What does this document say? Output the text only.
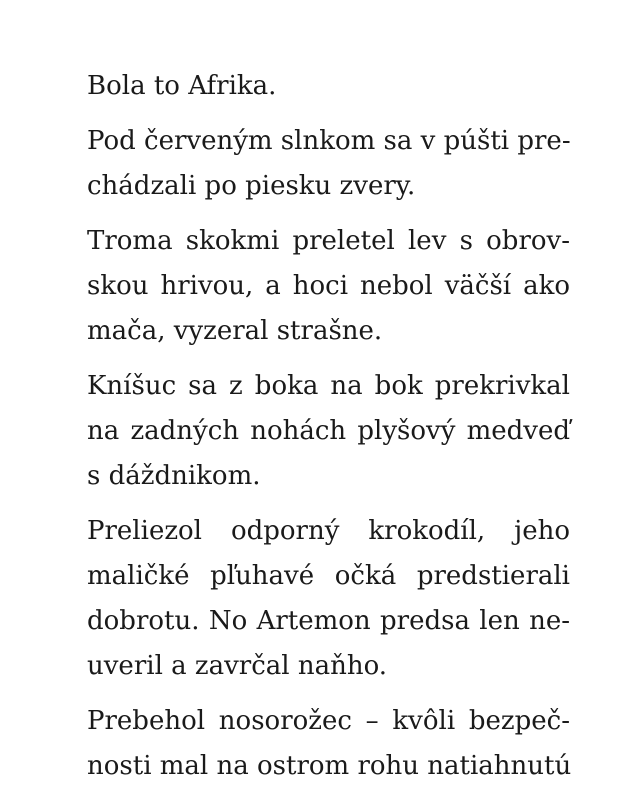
Bola to Afrika.
Pod červeným slnkom sa v púšti pre-
chádzali po piesku zvery.
Troma skokmi preletel lev s obrov-
skou hrivou, a hoci nebol väčší ako
mača, vyzeral strašne.
Kníšuc sa z boka na bok prekrivkal
na zadných nohách plyšový medveď
s dáždnikom.
Preliezol odporný krokodíl, jeho
maličké pľuhavé očká predstierali
dobrotu. No Artemon predsa len ne-
uveril a zavrčal naňho.
Prebehol nosorožec – kvôli bezpeč-
nosti mal na ostrom rohu natiahnutú
